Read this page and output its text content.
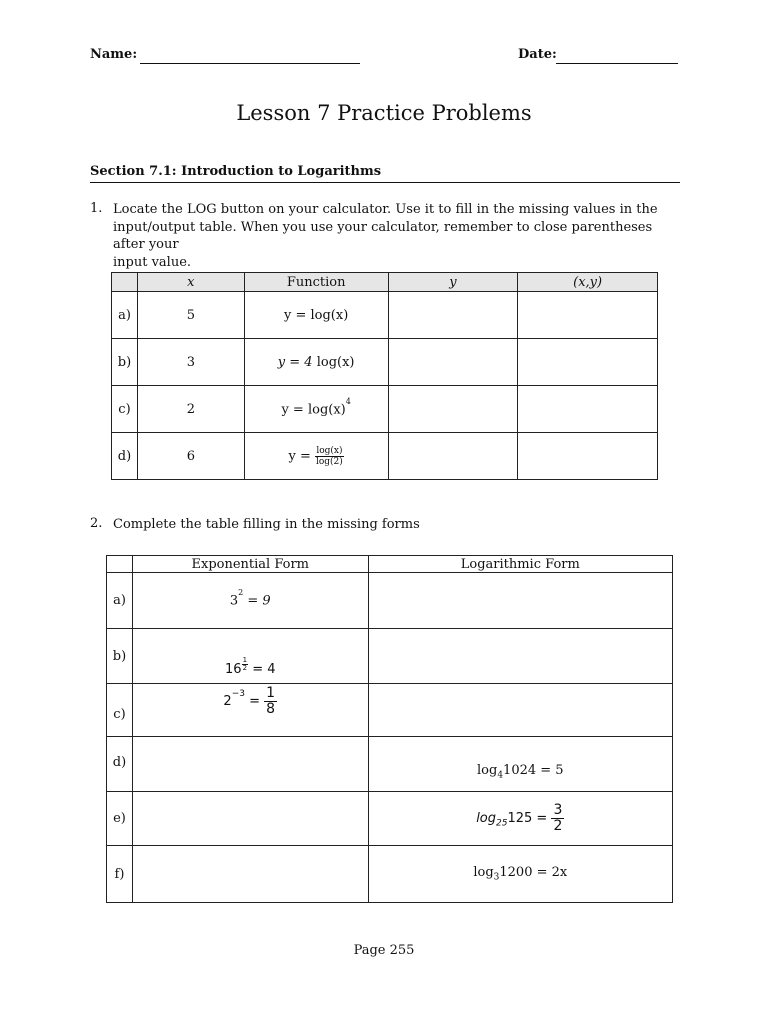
Name:	Date:
Lesson 7 Practice Problems
Section 7.1: Introduction to Logarithms
1. Locate the LOG button on your calculator. Use it to fill in the missing values in the
input/output table. When you use your calculator, remember to close parentheses after your
input value.
	x	Function	y	(x,y)
a)	5	y = log(x)		
b)	3	y = 4 log(x)		
c)	2	$y = \log(x)^4$		
d)	6	$y = \frac{\log(x)}{\log(2)}$

2. Complete the table filling in the missing forms
	Exponential Form	Logarithmic Form
a)	$3^2 = 9$	
b)	$16 \frac{1}{2} = 4$	
c)	$2^{-3} = \frac{1}{8}$

d)		$\log_41024 = 5$
e)		$\log_{25}125 = \frac{3}{2}$

f)		$\log_31200 = 2x$
Page 255
